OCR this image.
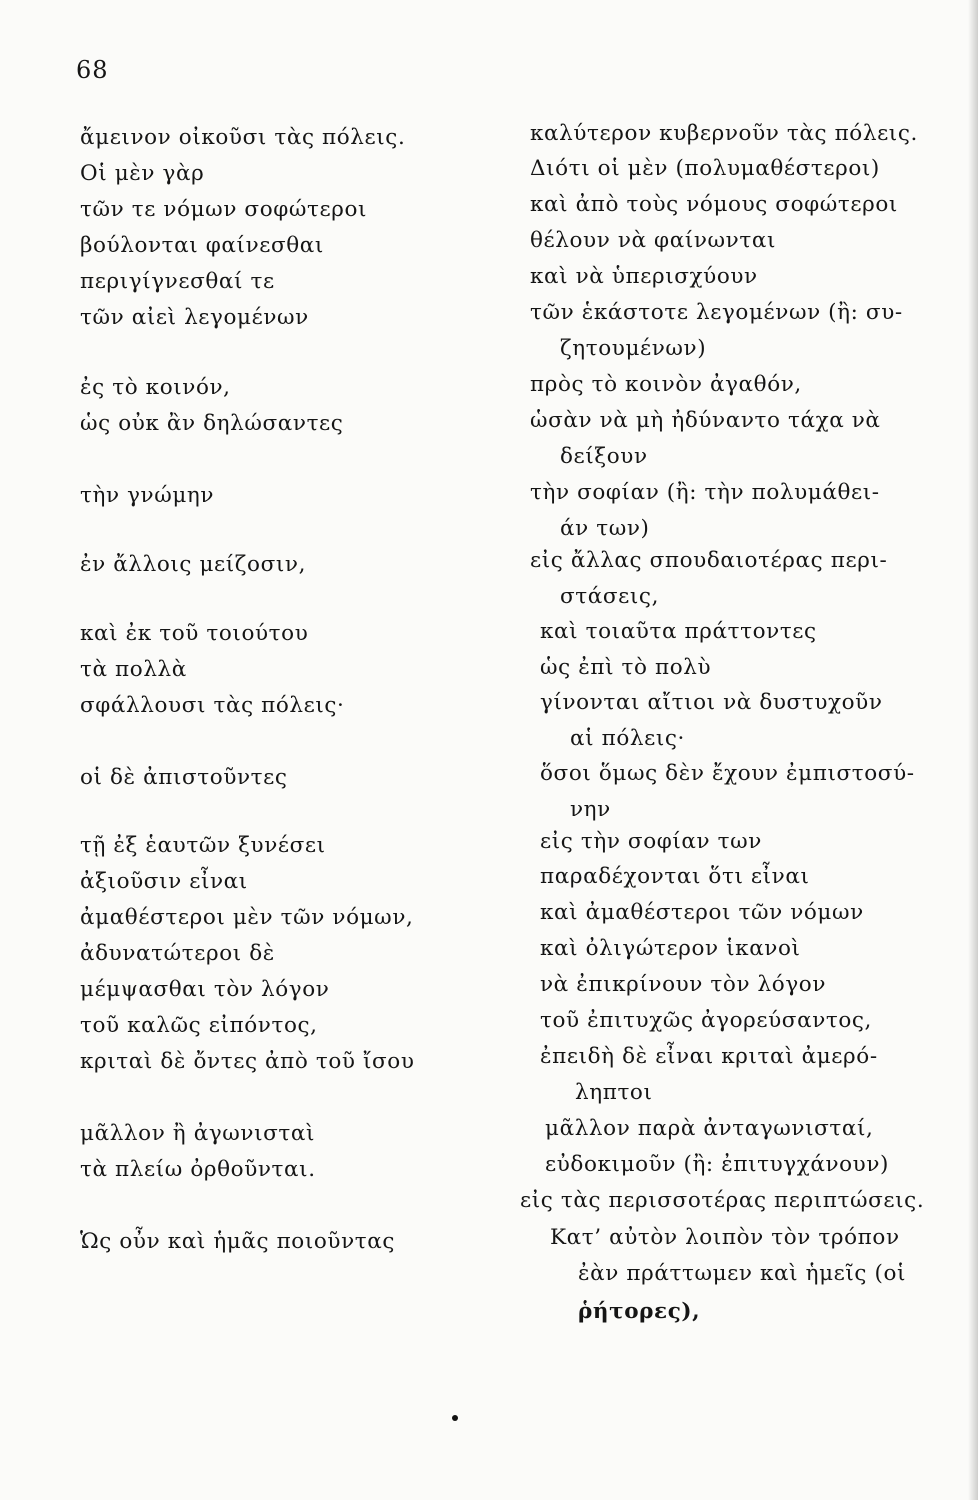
68
ἄμεινον οἰκοῦσι τὰς πόλεις.
Οἱ μὲν γὰρ
τῶν τε νόμων σοφώτεροι
βούλονται φαίνεσθαι
περιγίγνεσθαί τε
τῶν αἰεὶ λεγομένων
ἐς τὸ κοινόν,
ὡς οὐκ ἂν δηλώσαντες
τὴν γνώμην
ἐν ἄλλοις μείζοσιν,
καὶ ἐκ τοῦ τοιούτου
τὰ πολλὰ
σφάλλουσι τὰς πόλεις·
οἱ δὲ ἀπιστοῦντες
τῇ ἐξ ἑαυτῶν ξυνέσει
ἀξιοῦσιν εἶναι
ἀμαθέστεροι μὲν τῶν νόμων,
ἀδυνατώτεροι δὲ
μέμψασθαι τὸν λόγον
τοῦ καλῶς εἰπόντος,
κριταὶ δὲ ὄντες ἀπὸ τοῦ ἴσου
μᾶλλον ἢ ἀγωνισταὶ
τὰ πλείω ὀρθοῦνται.
Ὡς οὖν καὶ ἡμᾶς ποιοῦντας
καλύτερον κυβερνοῦν τὰς πόλεις.
Διότι οἱ μὲν (πολυμαθέστεροι)
καὶ ἀπὸ τοὺς νόμους σοφώτεροι
θέλουν νὰ φαίνωνται
καὶ νὰ ὑπερισχύουν
τῶν ἑκάστοτε λεγομένων (ἢ: συ-
ζητουμένων)
πρὸς τὸ κοινὸν ἀγαθόν,
ὡσὰν νὰ μὴ ἠδύναντο τάχα νὰ
δείξουν
τὴν σοφίαν (ἢ: τὴν πολυμάθει-
άν των)
εἰς ἄλλας σπουδαιοτέρας περι-
στάσεις,
καὶ τοιαῦτα πράττοντες
ὡς ἐπὶ τὸ πολὺ
γίνονται αἴτιοι νὰ δυστυχοῦν
αἱ πόλεις·
ὅσοι ὅμως δὲν ἔχουν ἐμπιστοσύ-
νην
εἰς τὴν σοφίαν των
παραδέχονται ὅτι εἶναι
καὶ ἀμαθέστεροι τῶν νόμων
καὶ ὀλιγώτερον ἱκανοὶ
νὰ ἐπικρίνουν τὸν λόγον
τοῦ ἐπιτυχῶς ἀγορεύσαντος,
ἐπειδὴ δὲ εἶναι κριταὶ ἀμερό-
ληπτοι
μᾶλλον παρὰ ἀνταγωνισταί,
εὐδοκιμοῦν (ἢ: ἐπιτυγχάνουν)
εἰς τὰς περισσοτέρας περιπτώσεις.
Κατ’ αὐτὸν λοιπὸν τὸν τρόπον
ἐὰν πράττωμεν καὶ ἡμεῖς (οἱ
ῥήτορες),
